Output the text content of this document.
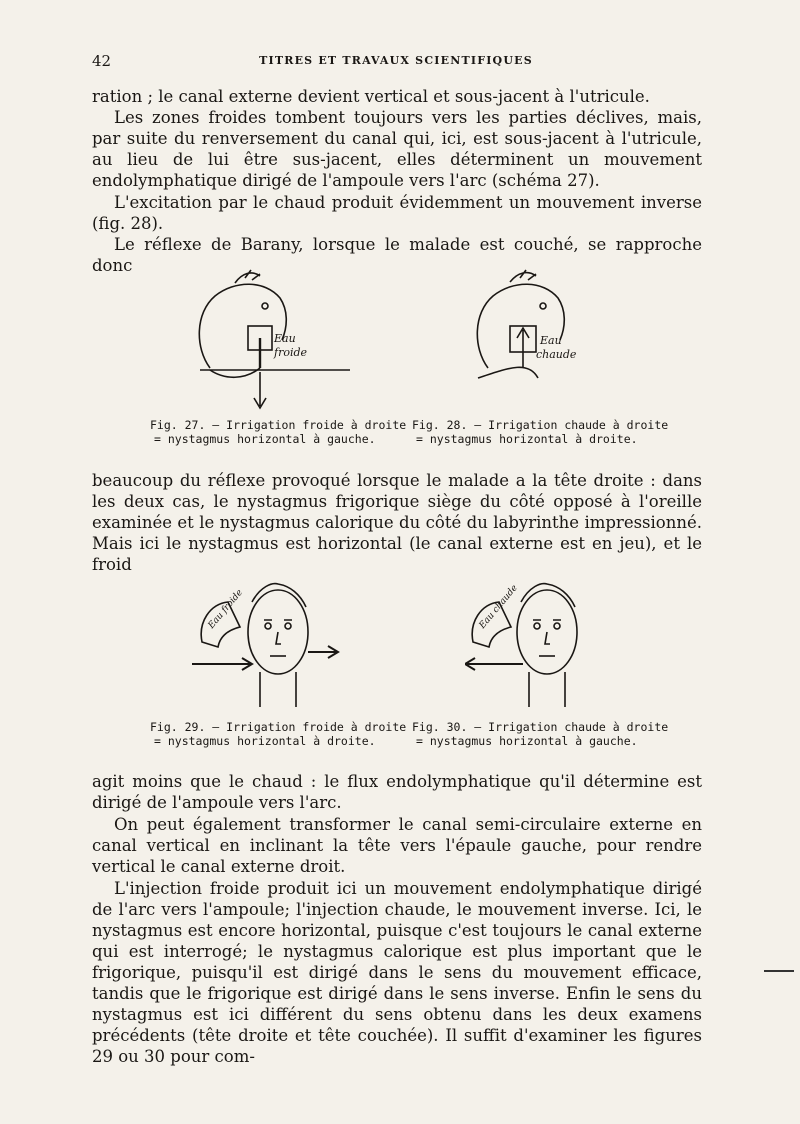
42	TITRES ET TRAVAUX SCIENTIFIQUES

ration ; le canal externe devient vertical et sous-jacent à l'utricule.

Les zones froides tombent toujours vers les parties déclives, mais, par suite du renversement du canal qui, ici, est sous-jacent à l'utricule, au lieu de lui être sus-jacent, elles déterminent un mouvement endolymphatique dirigé de l'ampoule vers l'arc (schéma 27).

L'excitation par le chaud produit évidemment un mouvement inverse (fig. 28).

Le réflexe de Barany, lorsque le malade est couché, se rapproche donc

Eau
froide
Fig. 27. — Irrigation froide à droite
= nystagmus horizontal à gauche.
Eau
chaude
Fig. 28. — Irrigation chaude à droite
= nystagmus horizontal à droite.

beaucoup du réflexe provoqué lorsque le malade a la tête droite : dans les deux cas, le nystagmus frigorique siège du côté opposé à l'oreille examinée et le nystagmus calorique du côté du labyrinthe impressionné. Mais ici le nystagmus est horizontal (le canal externe est en jeu), et le froid

Eau froide
Fig. 29. — Irrigation froide à droite
= nystagmus horizontal à droite.
Eau chaude
Fig. 30. — Irrigation chaude à droite
= nystagmus horizontal à gauche.

agit moins que le chaud : le flux endolymphatique qu'il détermine est dirigé de l'ampoule vers l'arc.

On peut également transformer le canal semi-circulaire externe en canal vertical en inclinant la tête vers l'épaule gauche, pour rendre vertical le canal externe droit.

L'injection froide produit ici un mouvement endolymphatique dirigé de l'arc vers l'ampoule; l'injection chaude, le mouvement inverse. Ici, le nystagmus est encore horizontal, puisque c'est toujours le canal externe qui est interrogé; le nystagmus calorique est plus important que le frigorique, puisqu'il est dirigé dans le sens du mouvement efficace, tandis que le frigorique est dirigé dans le sens inverse. Enfin le sens du nystagmus est ici différent du sens obtenu dans les deux examens précédents (tête droite et tête couchée). Il suffit d'examiner les figures 29 ou 30 pour com-
